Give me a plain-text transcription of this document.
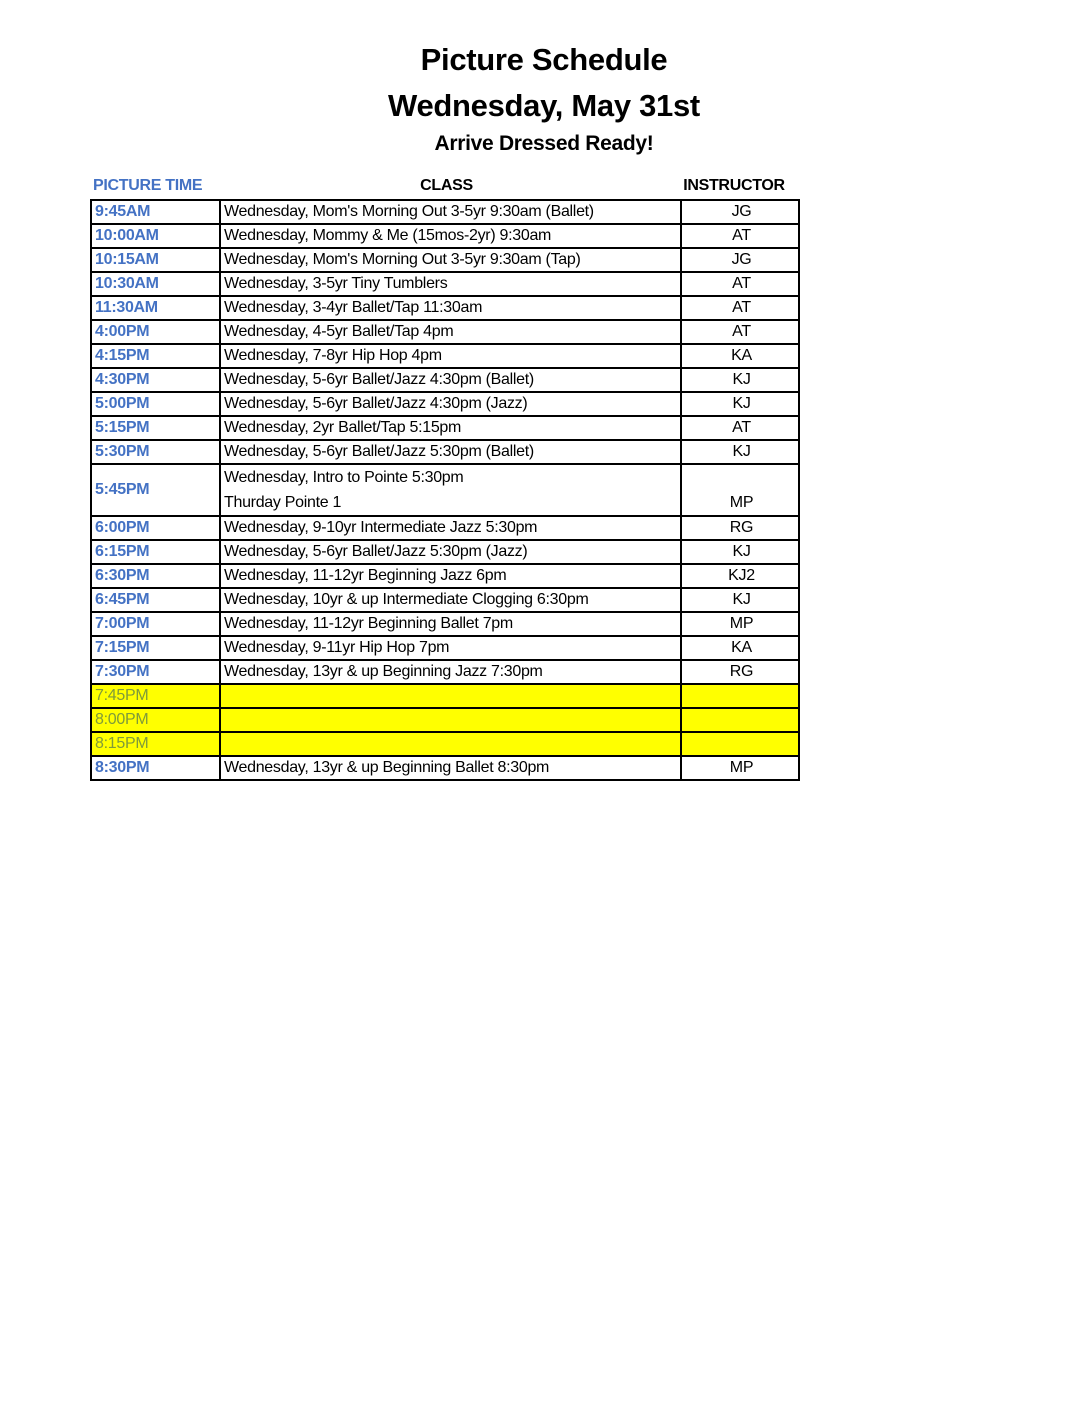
Picture Schedule
Wednesday, May 31st
Arrive Dressed Ready!
PICTURE TIME	CLASS	INSTRUCTOR
9:45AM	Wednesday, Mom's Morning Out 3-5yr 9:30am (Ballet)	JG
10:00AM	Wednesday, Mommy & Me (15mos-2yr) 9:30am	AT
10:15AM	Wednesday, Mom's Morning Out 3-5yr 9:30am (Tap)	JG
10:30AM	Wednesday, 3-5yr Tiny Tumblers	AT
11:30AM	Wednesday, 3-4yr Ballet/Tap 11:30am	AT
4:00PM	Wednesday, 4-5yr Ballet/Tap 4pm	AT
4:15PM	Wednesday, 7-8yr Hip Hop 4pm	KA
4:30PM	Wednesday, 5-6yr Ballet/Jazz 4:30pm (Ballet)	KJ
5:00PM	Wednesday, 5-6yr Ballet/Jazz 4:30pm (Jazz)	KJ
5:15PM	Wednesday, 2yr Ballet/Tap 5:15pm	AT
5:30PM	Wednesday, 5-6yr Ballet/Jazz 5:30pm (Ballet)	KJ
5:45PM	Wednesday, Intro to Pointe 5:30pm
Thurday Pointe 1	MP
6:00PM	Wednesday, 9-10yr Intermediate Jazz 5:30pm	RG
6:15PM	Wednesday, 5-6yr Ballet/Jazz 5:30pm (Jazz)	KJ
6:30PM	Wednesday, 11-12yr Beginning Jazz 6pm	KJ2
6:45PM	Wednesday, 10yr & up Intermediate Clogging 6:30pm	KJ
7:00PM	Wednesday, 11-12yr Beginning Ballet 7pm	MP
7:15PM	Wednesday, 9-11yr Hip Hop 7pm	KA
7:30PM	Wednesday, 13yr & up Beginning Jazz 7:30pm	RG
7:45PM		
8:00PM		
8:15PM		
8:30PM	Wednesday, 13yr & up Beginning Ballet 8:30pm	MP
